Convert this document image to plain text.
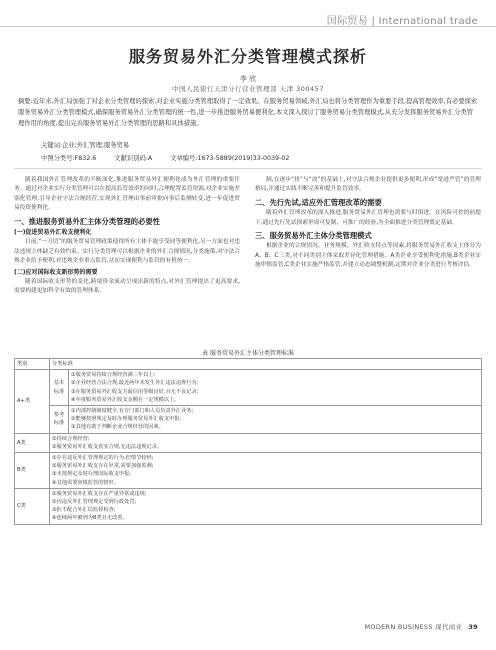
国际贸易 | International trade
服务贸易外汇分类管理模式探析
李 欣
中国人民银行天津分行营业管理部 天津 300457
摘要:近年来,外汇局加强了对企业分类管理的探索,对企业实施分类管理取得了一定效果。在服务贸易领域,外汇局也将分类管理作为重要手段,提高管理效率,有必要探索服务贸易外汇分类管理模式,确保服务贸易外汇分类管理的统一性,进一步推进服务贸易便利化,本文深入探讨了服务贸易分类管理模式,从充分发挥服务贸易外汇分类管理作用的角度,提出完善服务贸易外汇分类管理的思路和具体措施。
关键词:企业;外汇管理;服务贸易
中图分类号:F832.6	文献识别码:A	文章编号:1673-5889(2019)33-0039-02

随着我国外汇管理改革的不断深化,推进服务贸易外汇便利化成为外汇管理的重要任务。通过对企业实行分类管理可以在提高监管效率的同时,合理配置监管资源,对企业实施差别化管理,引导企业守法合规经营,实现外汇管理由事前审批向事后监测转变,进一步促进贸易投资便利化。

一、推进服务贸易外汇主体分类管理的必要性
(一)促进贸易外汇收支便利化

目前,“一刀切”的服务贸易管理政策使得所有主体不能享受同等便利化,另一方面也对违法违规主体缺乏有效约束。实行分类管理可以根据企业的外汇合规情况,分类施策,对守法合规企业给予便利,对违规企业重点监管,从而实现便利与监管的有机统一。

(二)应对国际收支新形势的需要

随着国际收支形势的变化,跨境资金流动呈现出新的特点,对外汇管理提出了更高要求,需要构建更加科学有效的管理体系。

制,在逐步“扭”与“放”的基础上,对守法合规企业提供更多便利,形成“宽进严管”的管理格局,并通过实践不断完善和提升监管效率。

二、先行先试,适应外汇管理改革的需要

随着外汇管理改革的深入推进,服务贸易外汇管理也需要与时俱进。在风险可控的前提下,通过先行先试探索形成可复制、可推广的经验,为全面推进分类管理奠定基础。

三、服务贸易外汇主体分类管理模式

根据企业的合规情况、业务规模、外汇收支特点等因素,将服务贸易外汇收支主体分为A、B、C三类,对不同类别主体采取差异化管理措施。A类企业享受便利化措施,B类企业实施审慎监管,C类企业实施严格监管,并建立动态调整机制,定期对企业分类进行考核评估。

表 服务贸易外汇主体分类管理标准
类别	分类标准	
A+类	基本标准	①服务贸易持续合规经营满三年以上;
②企业经营合法合规,最近两年未发生外汇违法违规行为;
③在服务贸易外汇收支方面信用等级良好,且无不良记录;
④年度服务贸易外汇收支金额在一定规模以上。

	参考标准	①内部控制制度健全,有专门部门和人员负责外汇业务;
②能够按照规定及时办理服务贸易外汇收支申报;
③其他有助于判断企业合规经营的因素。

A类	①持续合规经营;
②服务贸易外汇收支真实合规,无违法违规记录。	

B类	①存在违反外汇管理规定的行为,但情节较轻;
②服务贸易外汇收支存在异常,需要加强监测;
③未按规定及时办理国际收支申报;
④其他需要审慎监管的情形。	

C类	①服务贸易外汇收支存在严重异常或违规;
②因违反外汇管理规定受到行政处罚;
③拒不配合外汇局监督检查;
④连续两年被列为B类且无改善。	
MODERN BUSINESS 现代商业 39
